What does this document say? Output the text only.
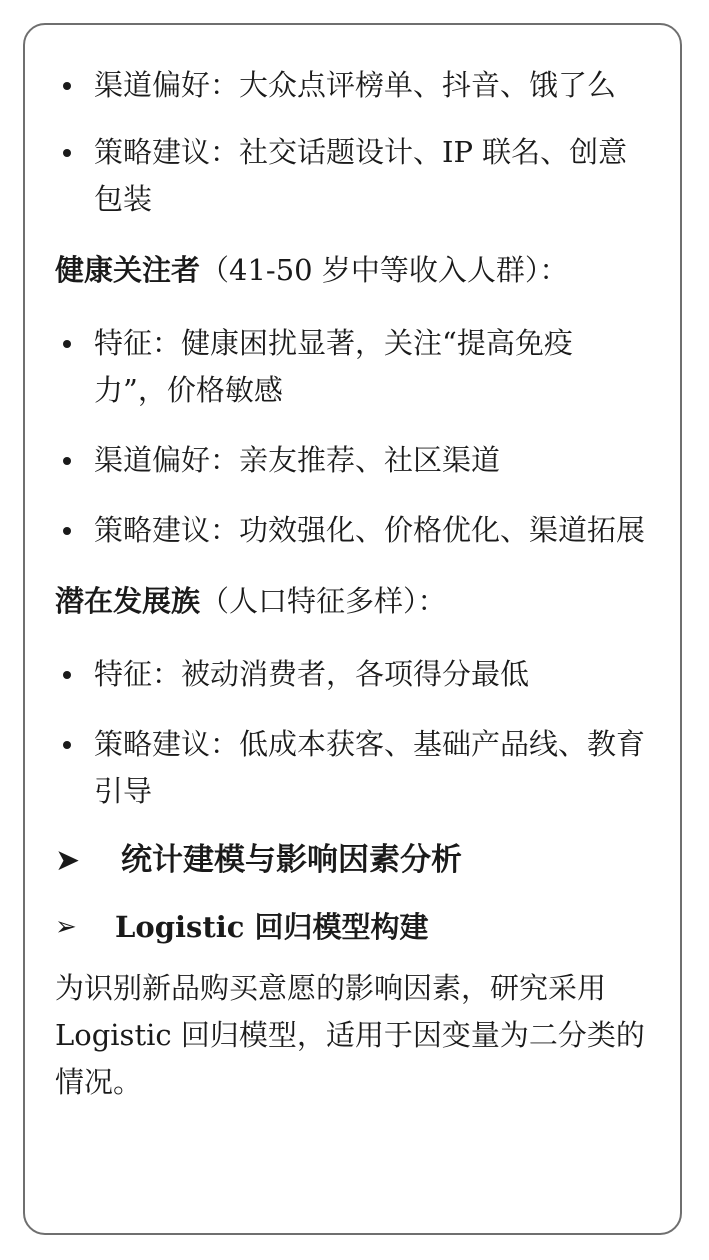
渠道偏好：大众点评榜单、抖音、饿了么
策略建议：社交话题设计、IP 联名、创意包装

健康关注者（41-50 岁中等收入人群）：

特征：健康困扰显著，关注“提高免疫力”，价格敏感
渠道偏好：亲友推荐、社区渠道
策略建议：功效强化、价格优化、渠道拓展

潜在发展族（人口特征多样）：

特征：被动消费者，各项得分最低
策略建议：低成本获客、基础产品线、教育引导
➤	统计建模与影响因素分析
➢	Logistic 回归模型构建

为识别新品购买意愿的影响因素，研究采用 Logistic 回归模型，适用于因变量为二分类的情况。
